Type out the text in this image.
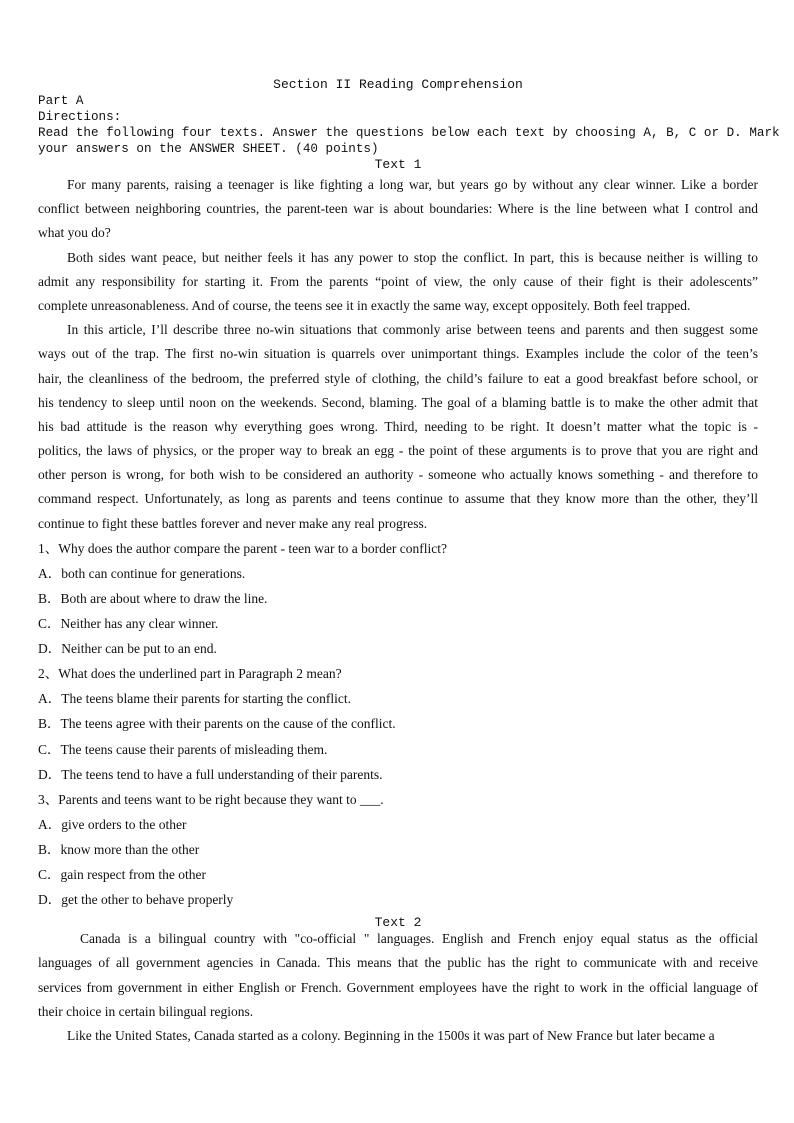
Section II Reading Comprehension
Part A
Directions:
Read the following four texts. Answer the questions below each text by choosing A, B, C or D. Mark
your answers on the ANSWER SHEET. (40 points)
Text 1
For many parents, raising a teenager is like fighting a long war, but years go by without any clear winner. Like a border
conflict between neighboring countries, the parent-teen war is about boundaries: Where is the line between what I control and
what you do?
Both sides want peace, but neither feels it has any power to stop the conflict. In part, this is because neither is willing to
admit any responsibility for starting it. From the parents “point of view, the only cause of their fight is their adolescents”
complete unreasonableness. And of course, the teens see it in exactly the same way, except oppositely. Both feel trapped.
In this article, I’ll describe three no-win situations that commonly arise between teens and parents and then suggest some
ways out of the trap. The first no-win situation is quarrels over unimportant things. Examples include the color of the teen’s
hair, the cleanliness of the bedroom, the preferred style of clothing, the child’s failure to eat a good breakfast before school, or
his tendency to sleep until noon on the weekends. Second, blaming. The goal of a blaming battle is to make the other admit that
his bad attitude is the reason why everything goes wrong. Third, needing to be right. It doesn’t matter what the topic is -
politics, the laws of physics, or the proper way to break an egg - the point of these arguments is to prove that you are right and
other person is wrong, for both wish to be considered an authority - someone who actually knows something - and therefore to
command respect. Unfortunately, as long as parents and teens continue to assume that they know more than the other, they’ll
continue to fight these battles forever and never make any real progress.
1、Why does the author compare the parent - teen war to a border conflict?
A．both can continue for generations.
B．Both are about where to draw the line.
C．Neither has any clear winner.
D．Neither can be put to an end.
2、What does the underlined part in Paragraph 2 mean?
A．The teens blame their parents for starting the conflict.
B．The teens agree with their parents on the cause of the conflict.
C．The teens cause their parents of misleading them.
D．The teens tend to have a full understanding of their parents.
3、Parents and teens want to be right because they want to ___.
A．give orders to the other
B．know more than the other
C．gain respect from the other
D．get the other to behave properly
Text 2
Canada is a bilingual country with "co-official " languages. English and French enjoy equal status as the official
languages of all government agencies in Canada. This means that the public has the right to communicate with and receive
services from government in either English or French. Government employees have the right to work in the official language of
their choice in certain bilingual regions.
Like the United States, Canada started as a colony. Beginning in the 1500s it was part of New France but later became a
